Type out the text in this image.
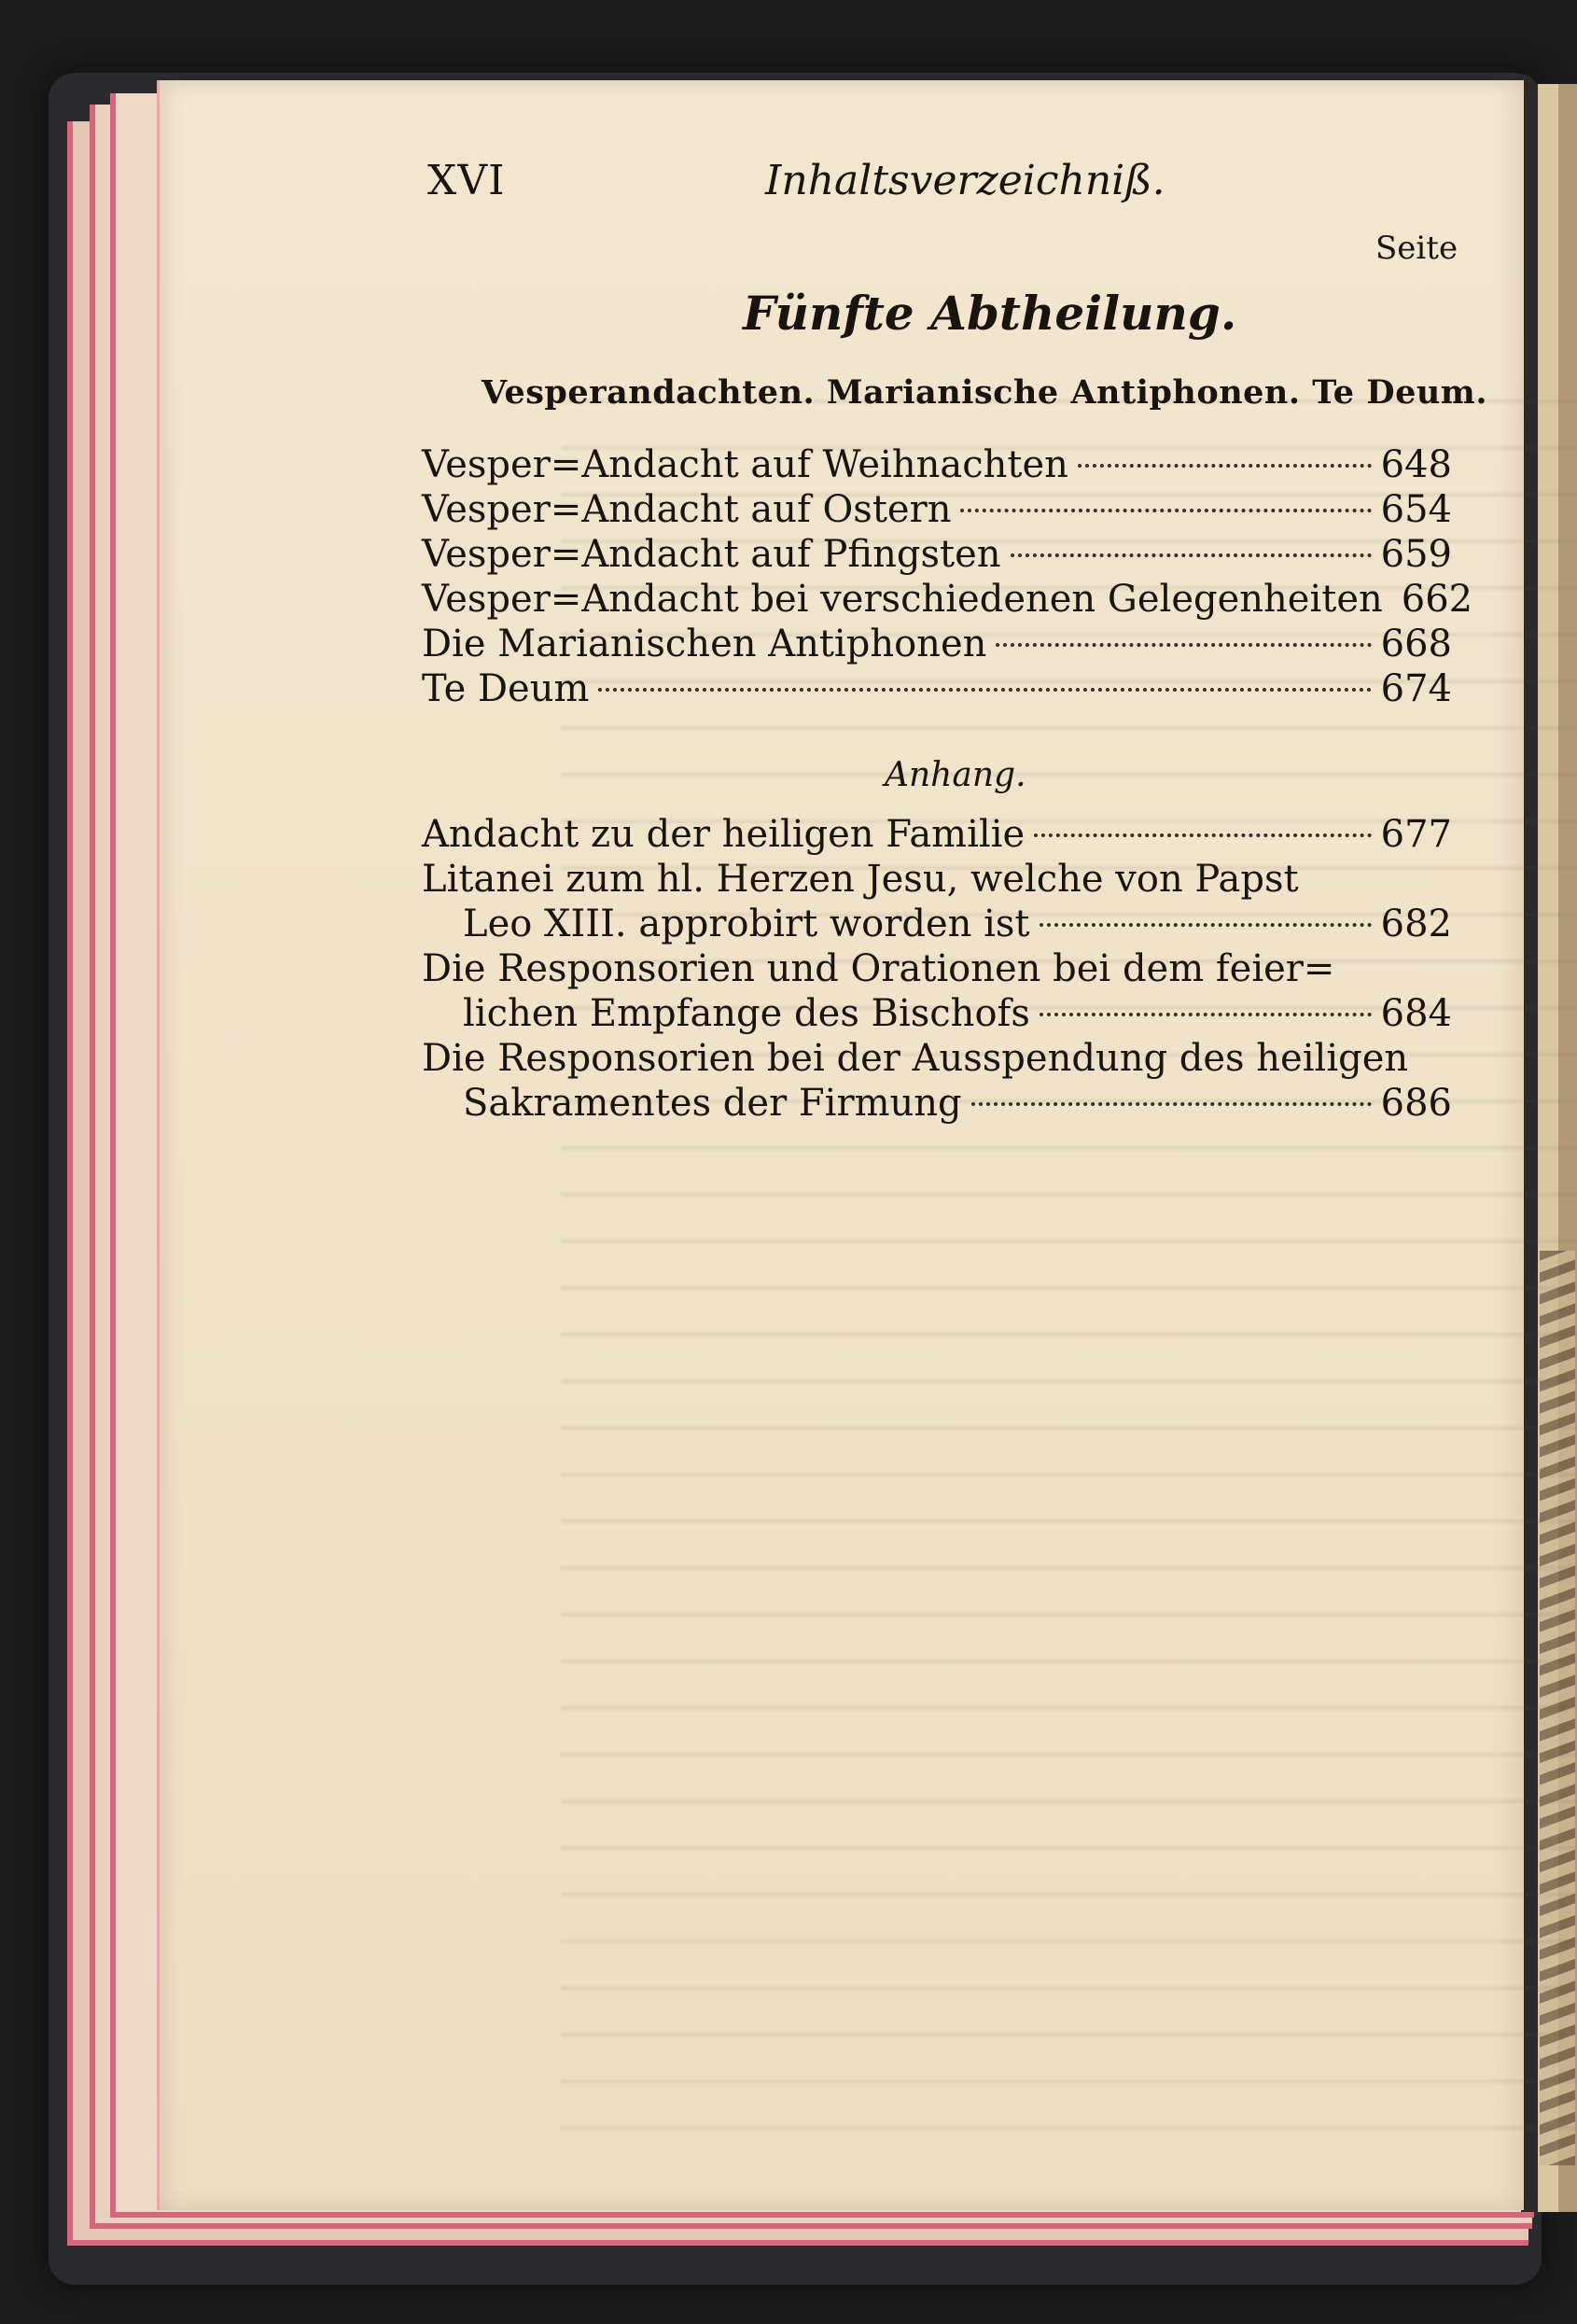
XVI	Inhaltsverzeichniß.
Seite
Fünfte Abtheilung.
Vesperandachten. Marianische Antiphonen. Te Deum.
Vesper=Andacht auf Weihnachten	648
Vesper=Andacht auf Ostern	654
Vesper=Andacht auf Pfingsten	659
Vesper=Andacht bei verschiedenen Gelegenheiten 662
Die Marianischen Antiphonen	668
Te Deum	674
Anhang.
Andacht zu der heiligen Familie	677
Litanei zum hl. Herzen Jesu, welche von Papst
Leo XIII. approbirt worden ist	682
Die Responsorien und Orationen bei dem feier=
lichen Empfange des Bischofs	684
Die Responsorien bei der Ausspendung des heiligen
Sakramentes der Firmung	686
